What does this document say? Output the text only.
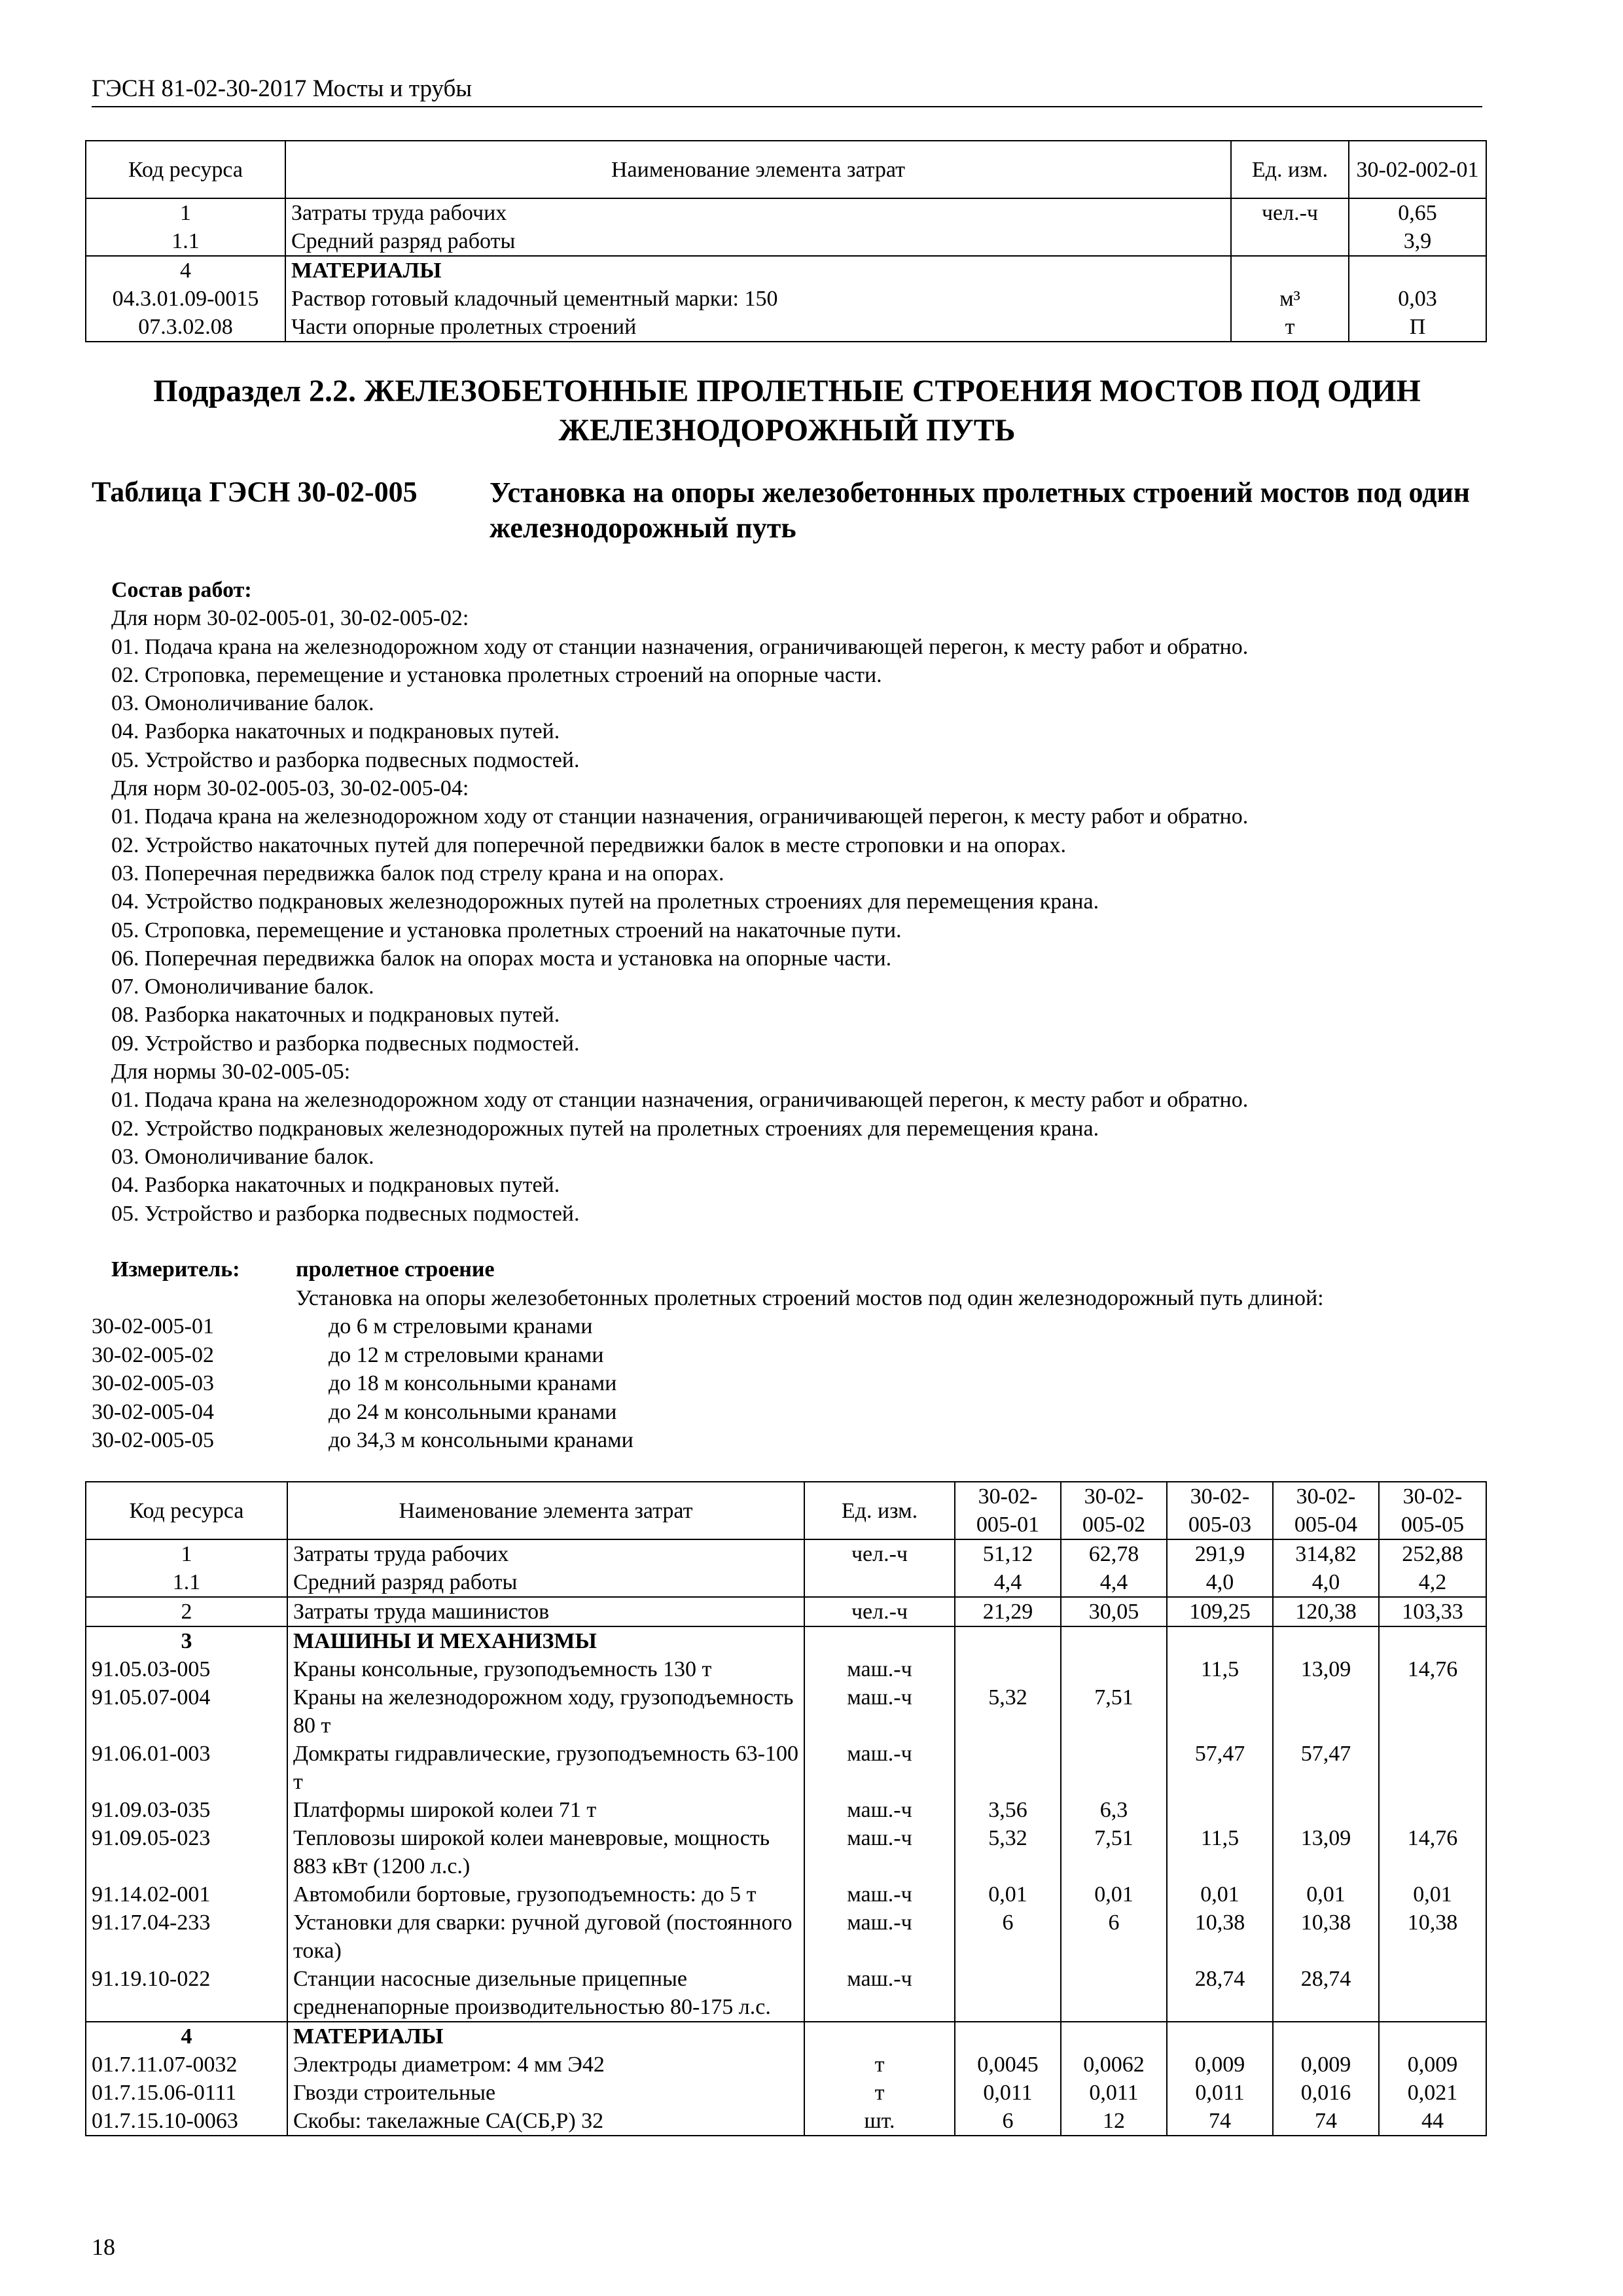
ГЭСН 81-02-30-2017 Мосты и трубы
Код ресурса	Наименование элемента затрат	Ед. изм.	30-02-002-01
1	Затраты труда рабочих	чел.-ч	0,65
1.1	Средний разряд работы		3,9
4	МАТЕРИАЛЫ		
04.3.01.09-0015	Раствор готовый кладочный цементный марки: 150	м³	0,03
07.3.02.08	Части опорные пролетных строений	т	П
Подраздел 2.2. ЖЕЛЕЗОБЕТОННЫЕ ПРОЛЕТНЫЕ СТРОЕНИЯ МОСТОВ ПОД ОДИН ЖЕЛЕЗНОДОРОЖНЫЙ ПУТЬ
Таблица ГЭСН 30-02-005	Установка на опоры железобетонных пролетных строений мостов под один железнодорожный путь
Состав работ:
Для норм 30-02-005-01, 30-02-005-02:
01. Подача крана на железнодорожном ходу от станции назначения, ограничивающей перегон, к месту работ и обратно.
02. Строповка, перемещение и установка пролетных строений на опорные части.
03. Омоноличивание балок.
04. Разборка накаточных и подкрановых путей.
05. Устройство и разборка подвесных подмостей.
Для норм 30-02-005-03, 30-02-005-04:
01. Подача крана на железнодорожном ходу от станции назначения, ограничивающей перегон, к месту работ и обратно.
02. Устройство накаточных путей для поперечной передвижки балок в месте строповки и на опорах.
03. Поперечная передвижка балок под стрелу крана и на опорах.
04. Устройство подкрановых железнодорожных путей на пролетных строениях для перемещения крана.
05. Строповка, перемещение и установка пролетных строений на накаточные пути.
06. Поперечная передвижка балок на опорах моста и установка на опорные части.
07. Омоноличивание балок.
08. Разборка накаточных и подкрановых путей.
09. Устройство и разборка подвесных подмостей.
Для нормы 30-02-005-05:
01. Подача крана на железнодорожном ходу от станции назначения, ограничивающей перегон, к месту работ и обратно.
02. Устройство подкрановых железнодорожных путей на пролетных строениях для перемещения крана.
03. Омоноличивание балок.
04. Разборка накаточных и подкрановых путей.
05. Устройство и разборка подвесных подмостей.
Измеритель:	пролетное строение
Установка на опоры железобетонных пролетных строений мостов под один железнодорожный путь длиной:
30-02-005-01	до 6 м стреловыми кранами
30-02-005-02	до 12 м стреловыми кранами
30-02-005-03	до 18 м консольными кранами
30-02-005-04	до 24 м консольными кранами
30-02-005-05	до 34,3 м консольными кранами
Код ресурса	Наименование элемента затрат	Ед. изм.	30-02-005-01	30-02-005-02	30-02-005-03	30-02-005-04	30-02-005-05
1	Затраты труда рабочих	чел.-ч	51,12	62,78	291,9	314,82	252,88
1.1	Средний разряд работы		4,4	4,4	4,0	4,0	4,2
2	Затраты труда машинистов	чел.-ч	21,29	30,05	109,25	120,38	103,33
3	МАШИНЫ И МЕХАНИЗМЫ						
91.05.03-005	Краны консольные, грузоподъемность 130 т	маш.-ч			11,5	13,09	14,76
91.05.07-004	Краны на железнодорожном ходу, грузоподъемность 80 т	маш.-ч	5,32	7,51			
91.06.01-003	Домкраты гидравлические, грузоподъемность 63-100 т	маш.-ч			57,47	57,47	
91.09.03-035	Платформы широкой колеи 71 т	маш.-ч	3,56	6,3			
91.09.05-023	Тепловозы широкой колеи маневровые, мощность 883 кВт (1200 л.с.)	маш.-ч	5,32	7,51	11,5	13,09	14,76
91.14.02-001	Автомобили бортовые, грузоподъемность: до 5 т	маш.-ч	0,01	0,01	0,01	0,01	0,01
91.17.04-233	Установки для сварки: ручной дуговой (постоянного тока)	маш.-ч	6	6	10,38	10,38	10,38
91.19.10-022	Станции насосные дизельные прицепные средненапорные производительностью 80-175 л.с.	маш.-ч			28,74	28,74	
4	МАТЕРИАЛЫ						
01.7.11.07-0032	Электроды диаметром: 4 мм Э42	т	0,0045	0,0062	0,009	0,009	0,009
01.7.15.06-0111	Гвозди строительные	т	0,011	0,011	0,011	0,016	0,021
01.7.15.10-0063	Скобы: такелажные СА(СБ,Р) 32	шт.	6	12	74	74	44
18
